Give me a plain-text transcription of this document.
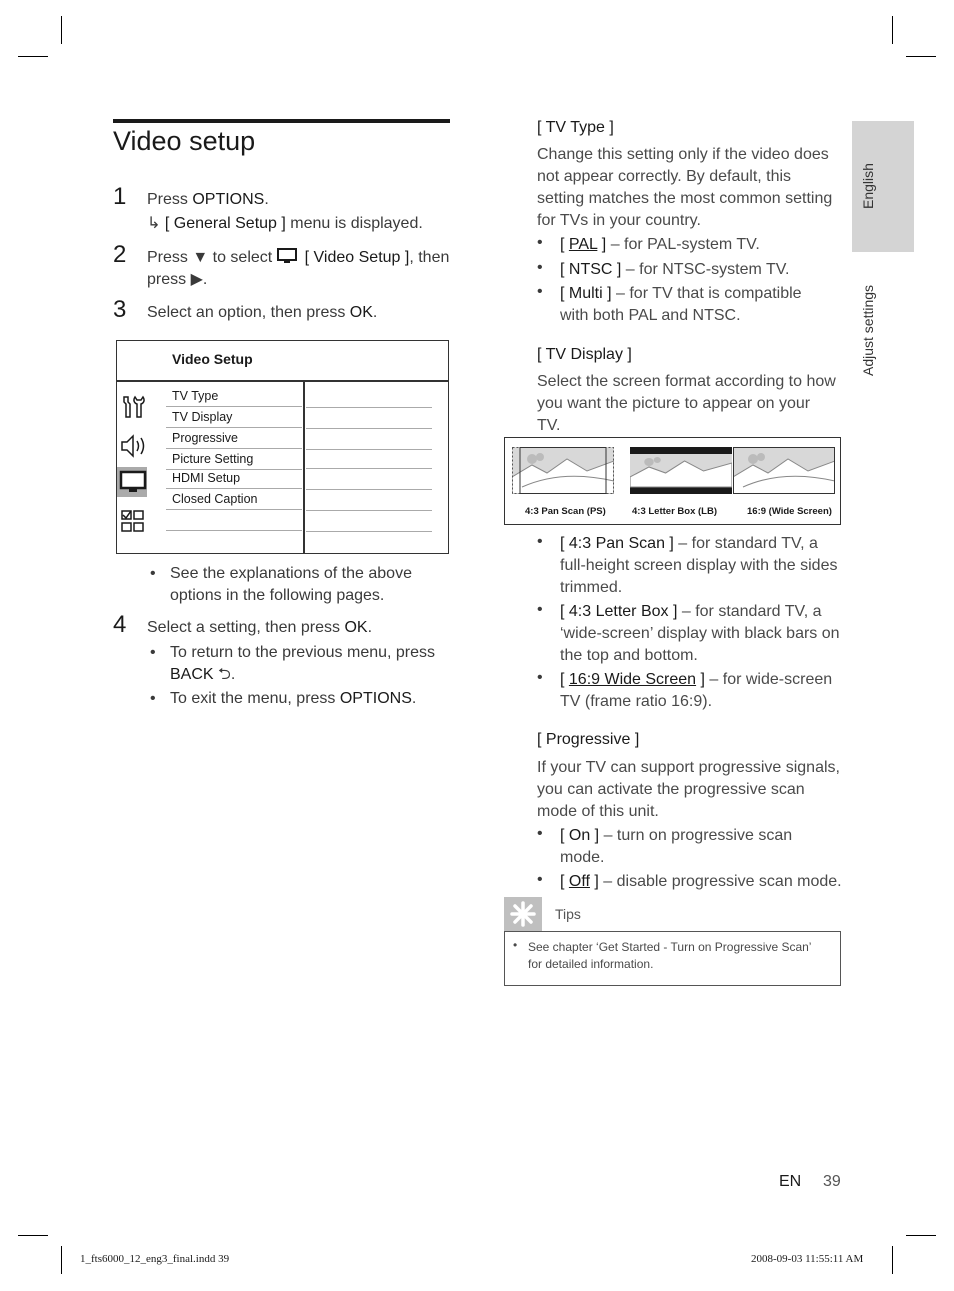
Video setup
1 Press OPTIONS.
↳ [ General Setup ] menu is displayed.
2 Press ▼ to select [ Video Setup ], then
press ▶.
3 Select an option, then press OK.
Video Setup
TV Type
TV Display
Progressive
Picture Setting
HDMI Setup
Closed Caption
• See the explanations of the above
options in the following pages.
4 Select a setting, then press OK.
• To return to the previous menu, press
BACK ⮌.
• To exit the menu, press OPTIONS.
[ TV Type ]
Change this setting only if the video does
not appear correctly. By default, this
setting matches the most common setting
for TVs in your country.
• [ PAL ] – for PAL-system TV.
• [ NTSC ] – for NTSC-system TV.
• [ Multi ] – for TV that is compatible
with both PAL and NTSC.
[ TV Display ]
Select the screen format according to how
you want the picture to appear on your
TV.
4:3 Pan Scan (PS)	4:3 Letter Box (LB)	16:9 (Wide Screen)
• [ 4:3 Pan Scan ] – for standard TV, a
full-height screen display with the sides
trimmed.
• [ 4:3 Letter Box ] – for standard TV, a
‘wide-screen’ display with black bars on
the top and bottom.
• [ 16:9 Wide Screen ] – for wide-screen
TV (frame ratio 16:9).
[ Progressive ]
If your TV can support progressive signals,
you can activate the progressive scan
mode of this unit.
• [ On ] – turn on progressive scan
mode.
• [ Off ] – disable progressive scan mode.
Tips
• See chapter ‘Get Started - Turn on Progressive Scan’
for detailed information.
English
Adjust settings
EN 39
1_fts6000_12_eng3_final.indd 39	2008-09-03 11:55:11 AM
